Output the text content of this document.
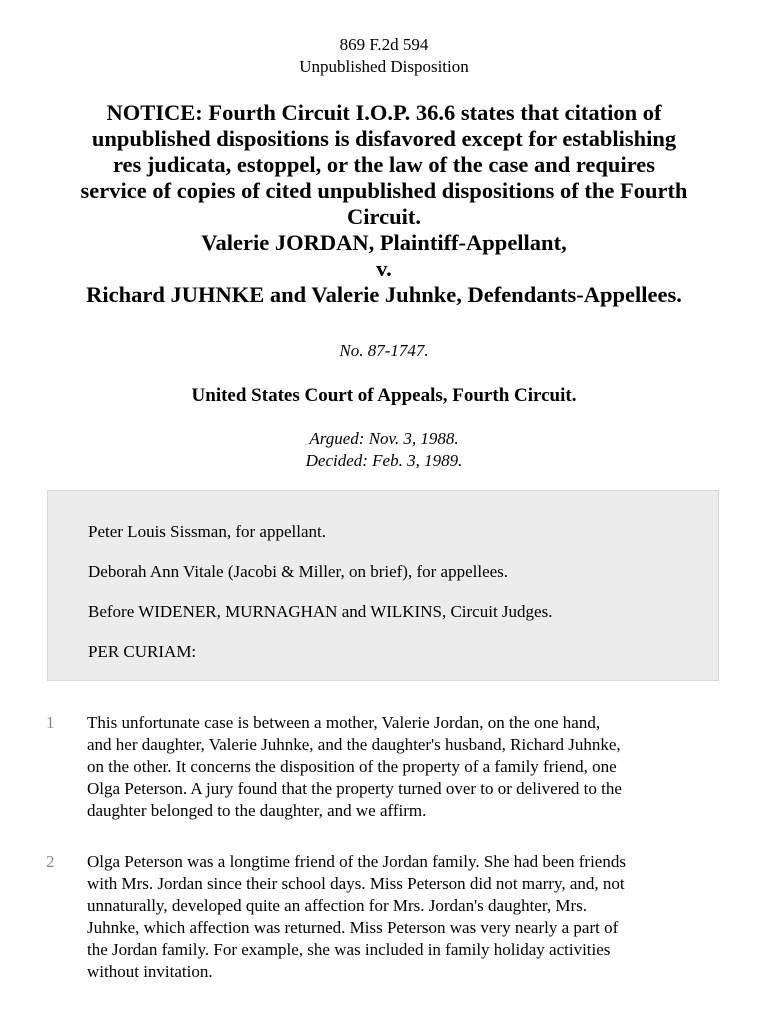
869 F.2d 594
Unpublished Disposition
NOTICE: Fourth Circuit I.O.P. 36.6 states that citation of
unpublished dispositions is disfavored except for establishing
res judicata, estoppel, or the law of the case and requires
service of copies of cited unpublished dispositions of the Fourth
Circuit.
Valerie JORDAN, Plaintiff-Appellant,
v.
Richard JUHNKE and Valerie Juhnke, Defendants-Appellees.
No. 87-1747.
United States Court of Appeals, Fourth Circuit.
Argued: Nov. 3, 1988.
Decided: Feb. 3, 1989.

Peter Louis Sissman, for appellant.

Deborah Ann Vitale (Jacobi & Miller, on brief), for appellees.

Before WIDENER, MURNAGHAN and WILKINS, Circuit Judges.

PER CURIAM:

1 This unfortunate case is between a mother, Valerie Jordan, on the one hand,
and her daughter, Valerie Juhnke, and the daughter's husband, Richard Juhnke,
on the other. It concerns the disposition of the property of a family friend, one
Olga Peterson. A jury found that the property turned over to or delivered to the
daughter belonged to the daughter, and we affirm.
2 Olga Peterson was a longtime friend of the Jordan family. She had been friends
with Mrs. Jordan since their school days. Miss Peterson did not marry, and, not
unnaturally, developed quite an affection for Mrs. Jordan's daughter, Mrs.
Juhnke, which affection was returned. Miss Peterson was very nearly a part of
the Jordan family. For example, she was included in family holiday activities
without invitation.
